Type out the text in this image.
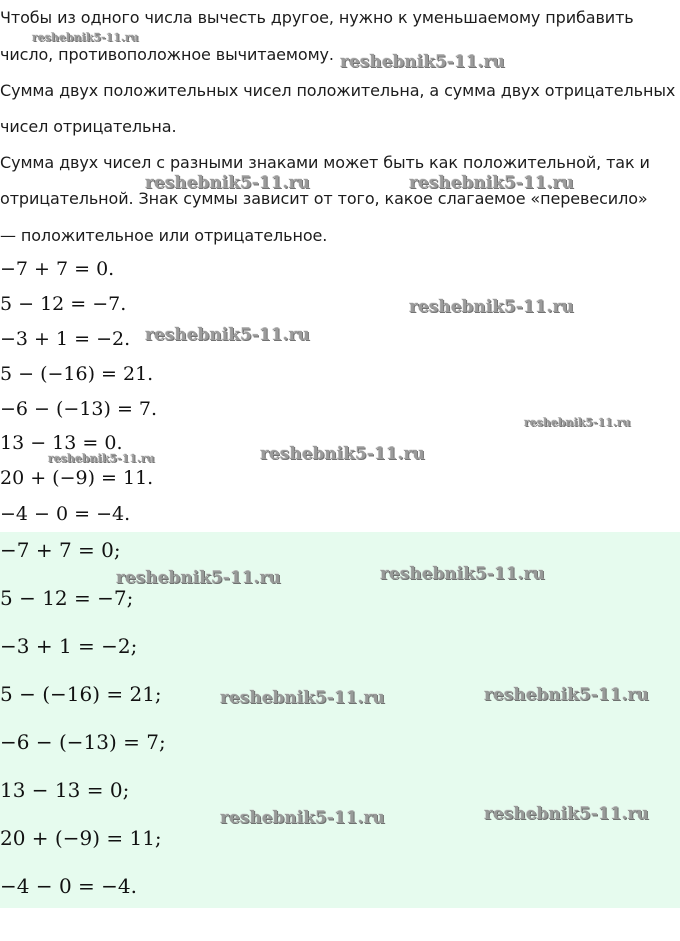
Чтобы из одного числа вычесть другое, нужно к уменьшаемому прибавить
число, противоположное вычитаемому.
Сумма двух положительных чисел положительна, а сумма двух отрицательных
чисел отрицательна.
Сумма двух чисел с разными знаками может быть как положительной, так и
отрицательной. Знак суммы зависит от того, какое слагаемое «перевесило»
— положительное или отрицательное.
−7 + 7 = 0.
5 − 12 = −7.
−3 + 1 = −2.
5 − (−16) = 21.
−6 − (−13) = 7.
13 − 13 = 0.
20 + (−9) = 11.
−4 − 0 = −4.
−7 + 7 = 0;
5 − 12 = −7;
−3 + 1 = −2;
5 − (−16) = 21;
−6 − (−13) = 7;
13 − 13 = 0;
20 + (−9) = 11;
−4 − 0 = −4.
reshebnik5-11.ru
reshebnik5-11.ru
reshebnik5-11.ru	reshebnik5-11.ru
reshebnik5-11.ru
reshebnik5-11.ru
reshebnik5-11.ru
reshebnik5-11.ru
reshebnik5-11.ru
reshebnik5-11.ru	reshebnik5-11.ru
reshebnik5-11.ru	reshebnik5-11.ru
reshebnik5-11.ru	reshebnik5-11.ru
